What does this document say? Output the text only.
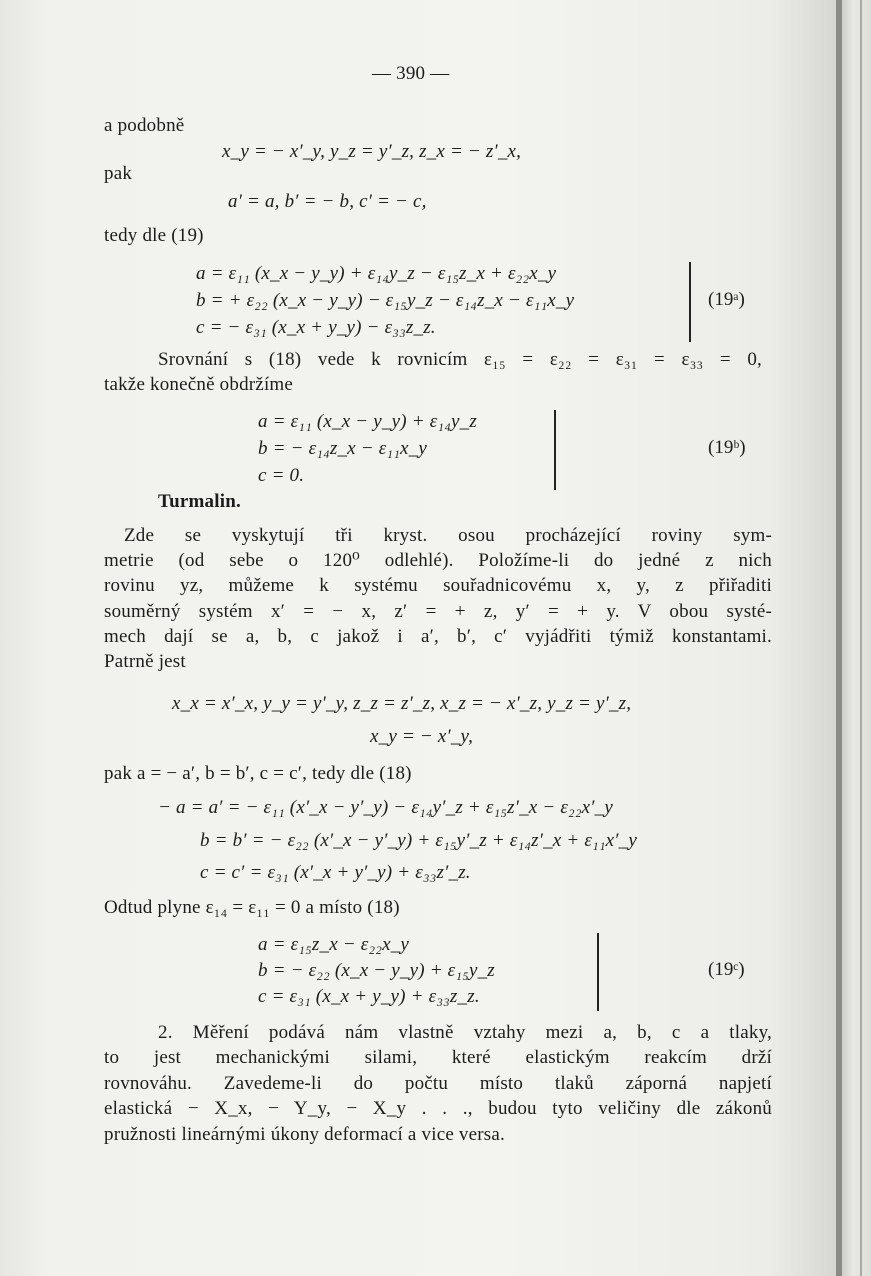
— 390 —
a podobně
x_y = − x′_y, y_z = y′_z, z_x = − z′_x,
pak
a′ = a, b′ = − b, c′ = − c,
tedy dle (19)
a = ε₁₁ (x_x − y_y) + ε₁₄y_z − ε₁₅z_x + ε₂₂x_y
b = + ε₂₂ (x_x − y_y) − ε₁₅y_z − ε₁₄z_x − ε₁₁x_y
c = − ε₃₁ (x_x + y_y) − ε₃₃z_z.
(19ᵃ)
Srovnání s (18) vede k rovnicím ε₁₅ = ε₂₂ = ε₃₁ = ε₃₃ = 0,
takže konečně obdržíme
a = ε₁₁ (x_x − y_y) + ε₁₄y_z
b = − ε₁₄z_x − ε₁₁x_y
c = 0.
(19ᵇ)
Turmalin.
Zde se vyskytují tři kryst. osou procházející roviny sym-
metrie (od sebe o 120⁰ odlehlé). Položíme-li do jedné z nich
rovinu yz, můžeme k systému souřadnicovému x, y, z přiřaditi
souměrný systém x′ = − x, z′ = + z, y′ = + y. V obou systé-
mech dají se a, b, c jakož i a′, b′, c′ vyjádřiti týmiž konstantami.
Patrně jest
x_x = x′_x, y_y = y′_y, z_z = z′_z, x_z = − x′_z, y_z = y′_z,
x_y = − x′_y,
pak a = − a′, b = b′, c = c′, tedy dle (18)
− a = a′ = − ε₁₁ (x′_x − y′_y) − ε₁₄y′_z + ε₁₅z′_x − ε₂₂x′_y
b = b′ = − ε₂₂ (x′_x − y′_y) + ε₁₅y′_z + ε₁₄z′_x + ε₁₁x′_y
c = c′ = ε₃₁ (x′_x + y′_y) + ε₃₃z′_z.
Odtud plyne ε₁₄ = ε₁₁ = 0 a místo (18)
a = ε₁₅z_x − ε₂₂x_y
b = − ε₂₂ (x_x − y_y) + ε₁₅y_z
c = ε₃₁ (x_x + y_y) + ε₃₃z_z.
(19ᶜ)
2. Měření podává nám vlastně vztahy mezi a, b, c a tlaky,
to jest mechanickými silami, které elastickým reakcím drží
rovnováhu. Zavedeme-li do počtu místo tlaků záporná napjetí
elastická − X_x, − Y_y, − X_y . . ., budou tyto veličiny dle zákonů
pružnosti lineárnými úkony deformací a vice versa.
